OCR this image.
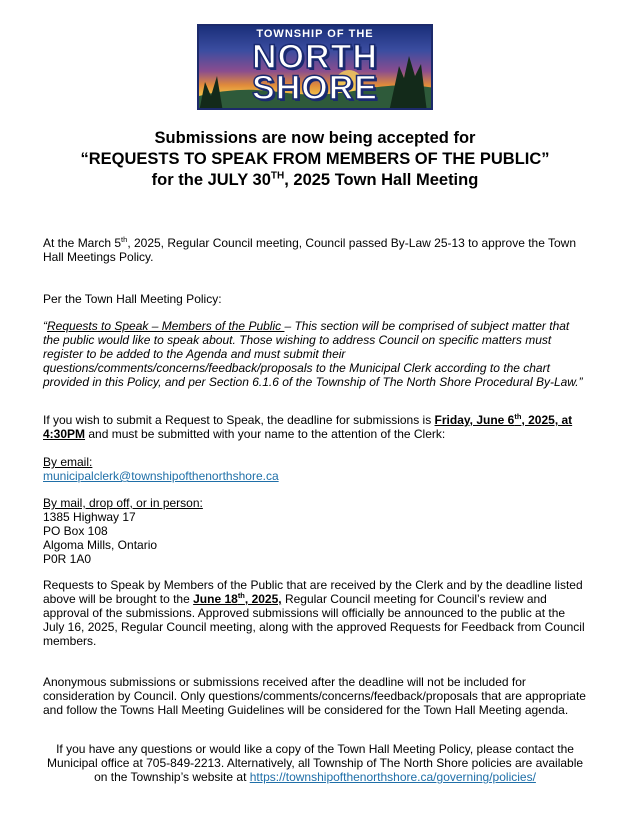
TOWNSHIP OF THE
NORTH
SHORE
Submissions are now being accepted for
“REQUESTS TO SPEAK FROM MEMBERS OF THE PUBLIC”
for the JULY 30TH, 2025 Town Hall Meeting
At the March 5th, 2025, Regular Council meeting, Council passed By-Law 25-13 to approve the Town Hall Meetings Policy.
Per the Town Hall Meeting Policy:
“Requests to Speak – Members of the Public – This section will be comprised of subject matter that the public would like to speak about. Those wishing to address Council on specific matters must register to be added to the Agenda and must submit their questions/comments/concerns/feedback/proposals to the Municipal Clerk according to the chart provided in this Policy, and per Section 6.1.6 of the Township of The North Shore Procedural By-Law.”
If you wish to submit a Request to Speak, the deadline for submissions is Friday, June 6th, 2025, at 4:30PM and must be submitted with your name to the attention of the Clerk:
By email:
municipalclerk@townshipofthenorthshore.ca
By mail, drop off, or in person:
1385 Highway 17
PO Box 108
Algoma Mills, Ontario
P0R 1A0
Requests to Speak by Members of the Public that are received by the Clerk and by the deadline listed above will be brought to the June 18th, 2025, Regular Council meeting for Council’s review and approval of the submissions. Approved submissions will officially be announced to the public at the July 16, 2025, Regular Council meeting, along with the approved Requests for Feedback from Council members.
Anonymous submissions or submissions received after the deadline will not be included for consideration by Council. Only questions/comments/concerns/feedback/proposals that are appropriate and follow the Towns Hall Meeting Guidelines will be considered for the Town Hall Meeting agenda.
If you have any questions or would like a copy of the Town Hall Meeting Policy, please contact the Municipal office at 705-849-2213. Alternatively, all Township of The North Shore policies are available on the Township’s website at https://townshipofthenorthshore.ca/governing/policies/
